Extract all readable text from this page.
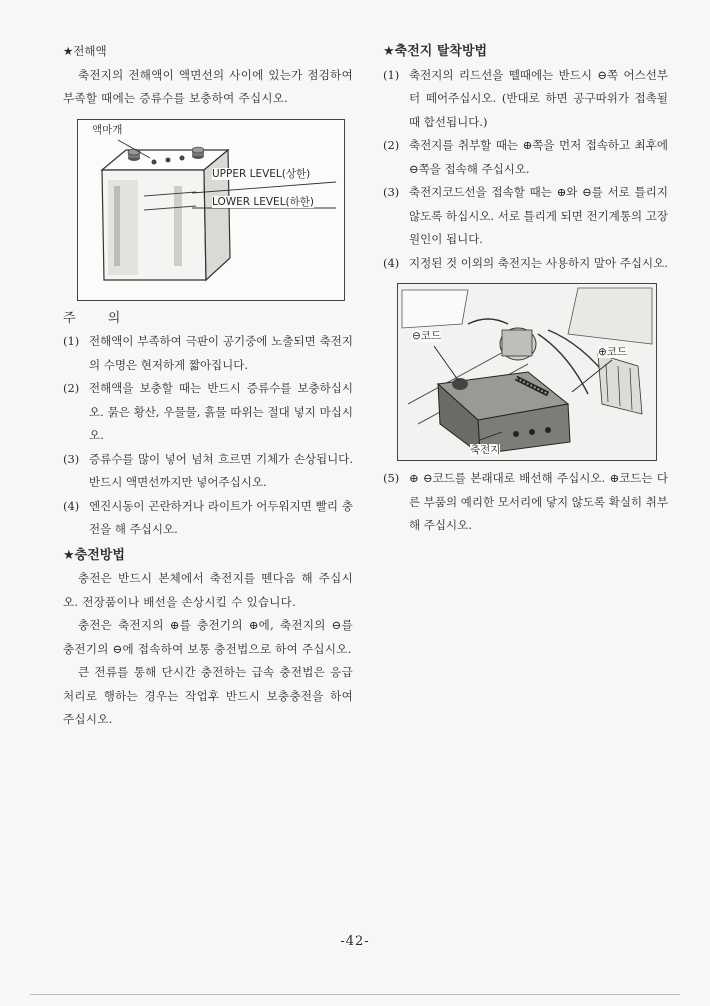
★전해액

축전지의 전해액이 액면선의 사이에 있는가 점검하여 부족할 때에는 증류수를 보충하여 주십시오.

액마개
UPPER LEVEL(상한)
LOWER LEVEL(하한)

주 의

(1) 전해액이 부족하여 극판이 공기중에 노출되면 축전지의 수명은 현저하게 짧아집니다.
(2) 전해액을 보충할 때는 반드시 증류수를 보충하십시오. 묽은 황산, 우물물, 흙물 따위는 절대 넣지 마십시오.
(3) 증류수를 많이 넣어 넘쳐 흐르면 기체가 손상됩니다. 반드시 액면선까지만 넣어주십시오.
(4) 엔진시동이 곤란하거나 라이트가 어두워지면 빨리 충전을 해 주십시오.

★충전방법

충전은 반드시 본체에서 축전지를 뗀다음 해 주십시오. 전장품이나 배선을 손상시킬 수 있습니다.

충전은 축전지의 ⊕를 충전기의 ⊕에, 축전지의 ⊖를 충전기의 ⊖에 접속하여 보통 충전법으로 하여 주십시오.

큰 전류를 통해 단시간 충전하는 급속 충전법은 응급처리로 행하는 경우는 작업후 반드시 보충충전을 하여 주십시오.

★축전지 탈착방법

(1) 축전지의 리드선을 뗄때에는 반드시 ⊖쪽 어스선부터 떼어주십시오. (반대로 하면 공구따위가 접촉될 때 합선됩니다.)
(2) 축전지를 취부할 때는 ⊕쪽을 먼저 접속하고 최후에 ⊖쪽을 접속해 주십시오.
(3) 축전지코드선을 접속할 때는 ⊕와 ⊖를 서로 틀리지 않도록 하십시오. 서로 틀리게 되면 전기계통의 고장원인이 됩니다.
(4) 지정된 것 이외의 축전지는 사용하지 말아 주십시오.
⊖코드
⊕코드
축전지
(5) ⊕ ⊖코드를 본래대로 배선해 주십시오. ⊕코드는 다른 부품의 예리한 모서리에 닿지 않도록 확실히 취부해 주십시오.
-42-
